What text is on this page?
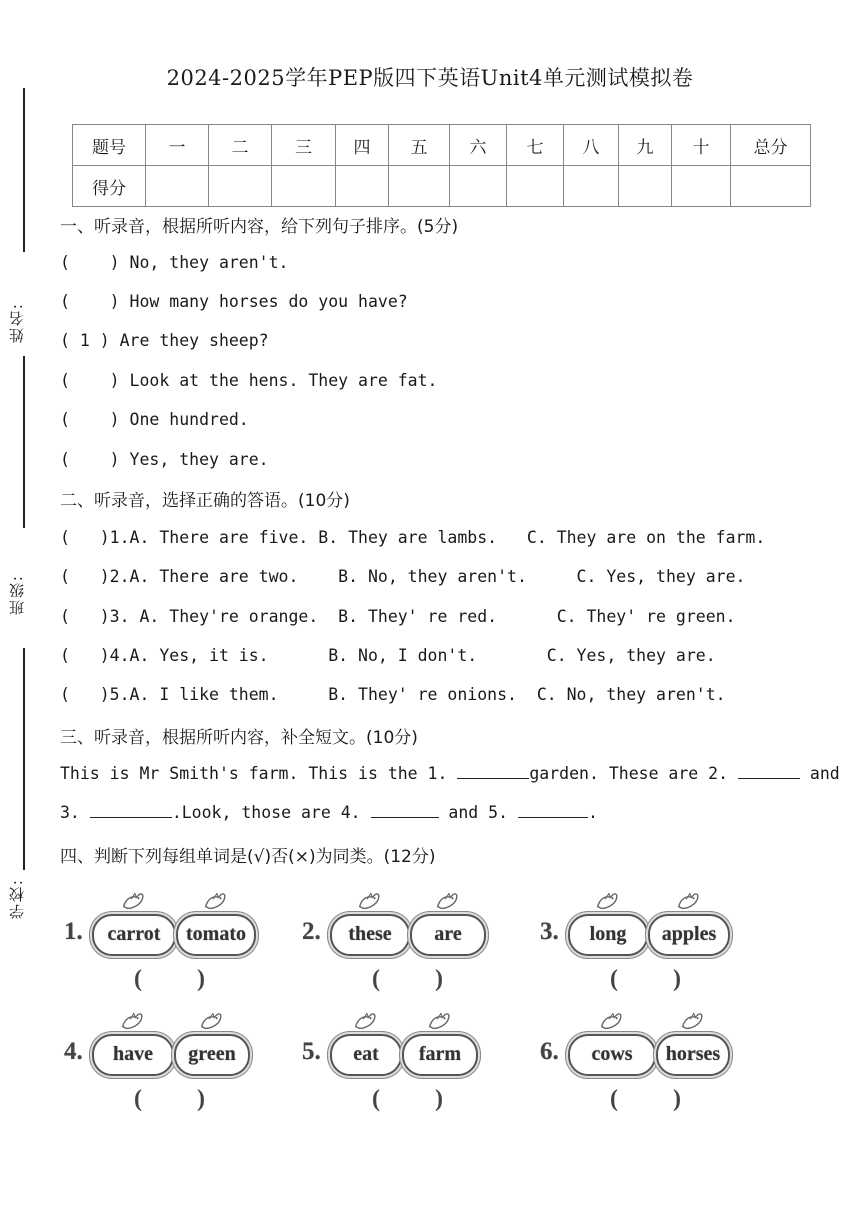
2024-2025学年PEP版四下英语Unit4单元测试模拟卷
姓名:
班级:
学校:
题号	一	二	三	四	五	六	七	八	九	十	总分
得分											
一、听录音，根据所听内容，给下列句子排序。(5分)
(    ) No, they aren't.
(    ) How many horses do you have?
( 1 ) Are they sheep?
(    ) Look at the hens. They are fat.
(    ) One hundred.
(    ) Yes, they are.
二、听录音，选择正确的答语。(10分)
(   )1.A. There are five. B. They are lambs.   C. They are on the farm.
(   )2.A. There are two.    B. No, they aren't.     C. Yes, they are.
(   )3. A. They're orange.  B. They' re red.      C. They' re green.
(   )4.A. Yes, it is.      B. No, I don't.       C. Yes, they are.
(   )5.A. I like them.     B. They' re onions.  C. No, they aren't.
三、听录音，根据所听内容，补全短文。(10分)
This is Mr Smith's farm. This is the 1.	garden. These are 2.	and
3.	.Look, those are 4.	and 5.	.
四、判断下列每组单词是(√)否(×)为同类。(12分)
1.	carrot	tomato
( )
2.	these	are
( )
3.	long	apples
( )
4.	have	green
( )
5.	eat	farm
( )
6.	cows	horses
( )
